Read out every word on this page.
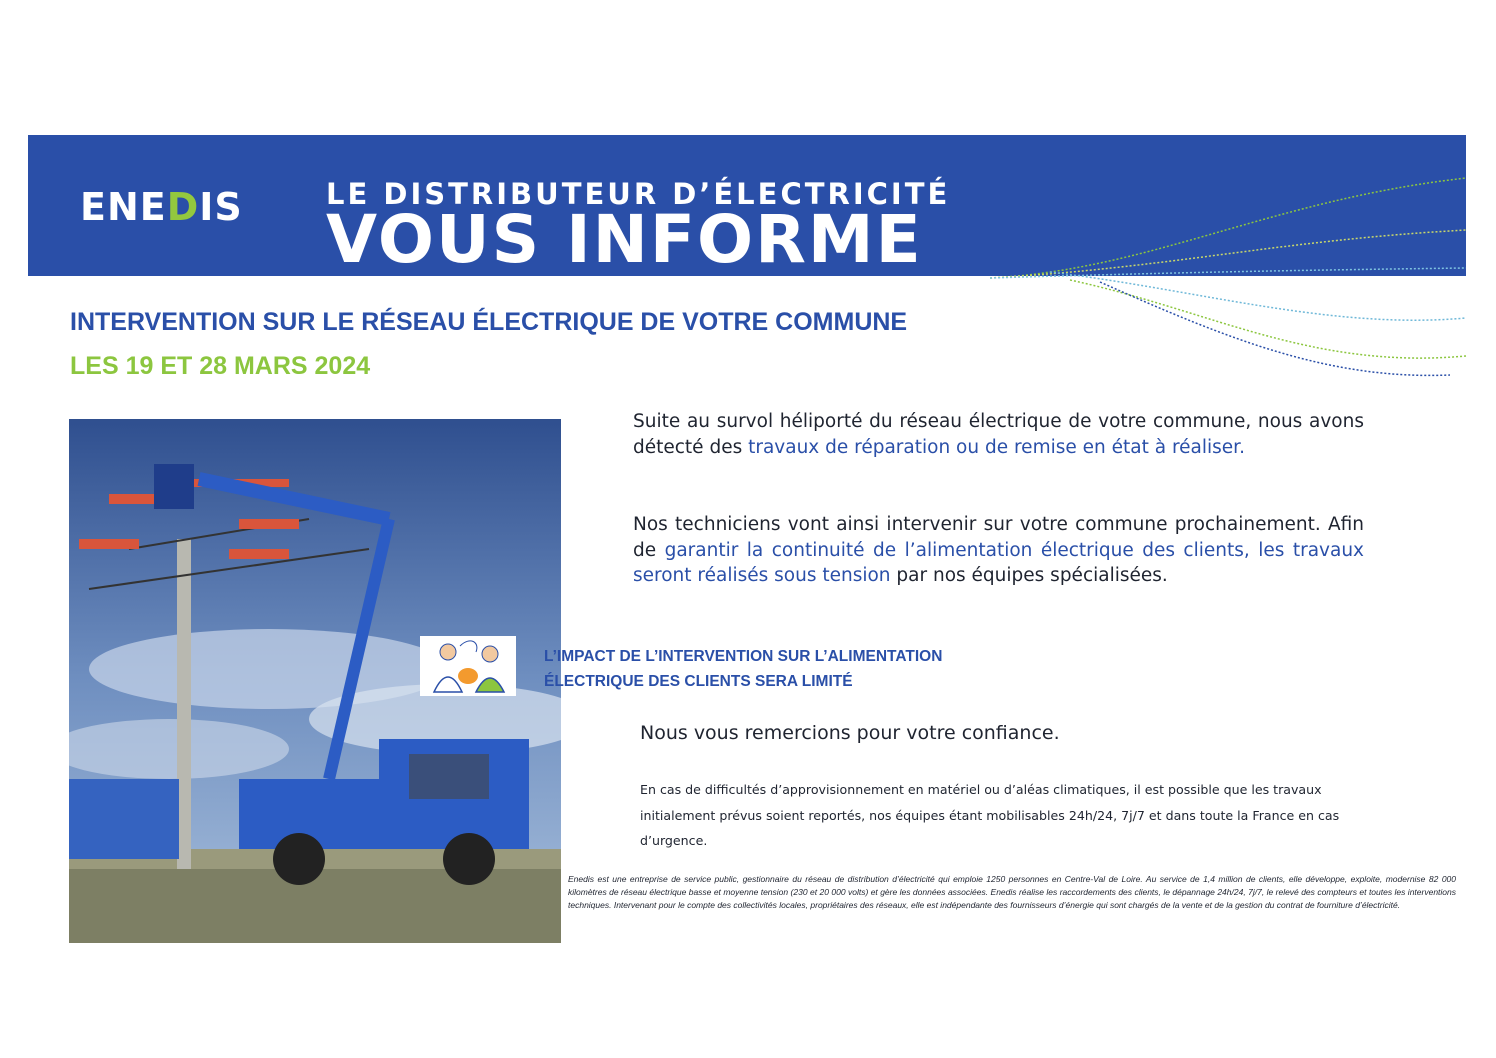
ENEDIS	LE DISTRIBUTEUR D’ÉLECTRICITÉ
VOUS INFORME
INTERVENTION SUR LE RÉSEAU ÉLECTRIQUE DE VOTRE COMMUNE
LES 19 ET 28 MARS 2024
Suite au survol héliporté du réseau électrique de votre commune, nous avons détecté des travaux de réparation ou de remise en état à réaliser.
Nos techniciens vont ainsi intervenir sur votre commune prochainement. Afin de garantir la continuité de l’alimentation électrique des clients, les travaux seront réalisés sous tension par nos équipes spécialisées.
L’IMPACT DE L’INTERVENTION SUR L’ALIMENTATION
ÉLECTRIQUE DES CLIENTS SERA LIMITÉ
Nous vous remercions pour votre confiance.
En cas de difficultés d’approvisionnement en matériel ou d’aléas climatiques, il est possible que les travaux initialement prévus soient reportés, nos équipes étant mobilisables 24h/24, 7j/7 et dans toute la France en cas d’urgence.
Enedis est une entreprise de service public, gestionnaire du réseau de distribution d’électricité qui emploie 1250 personnes en Centre-Val de Loire. Au service de 1,4 million de clients, elle développe, exploite, modernise 82 000 kilomètres de réseau électrique basse et moyenne tension (230 et 20 000 volts) et gère les données associées. Enedis réalise les raccordements des clients, le dépannage 24h/24, 7j/7, le relevé des compteurs et toutes les interventions techniques. Intervenant pour le compte des collectivités locales, propriétaires des réseaux, elle est indépendante des fournisseurs d’énergie qui sont chargés de la vente et de la gestion du contrat de fourniture d’électricité.
